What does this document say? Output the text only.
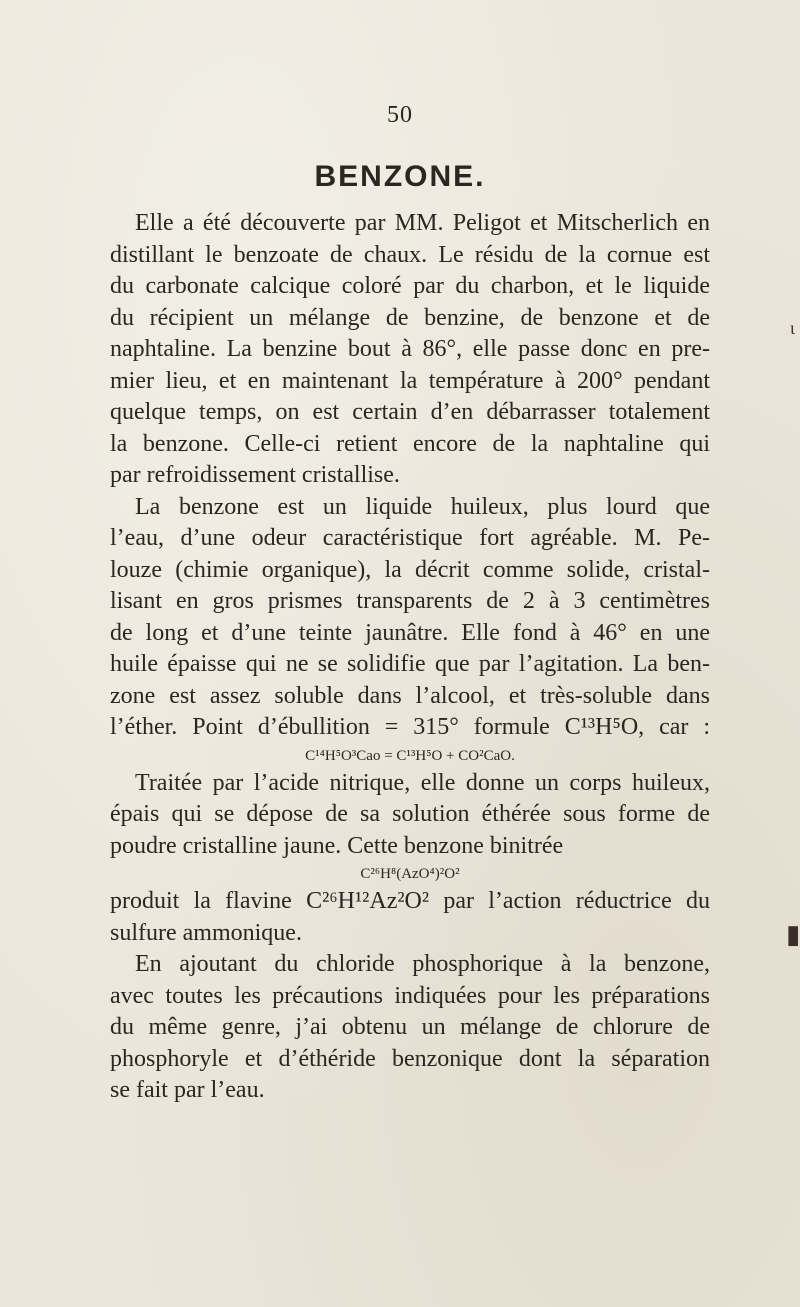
50
BENZONE.
Elle a été découverte par MM. Peligot et Mitscherlich en
distillant le benzoate de chaux. Le résidu de la cornue est
du carbonate calcique coloré par du charbon, et le liquide
du récipient un mélange de benzine, de benzone et de
naphtaline. La benzine bout à 86°, elle passe donc en pre-
mier lieu, et en maintenant la température à 200° pendant
quelque temps, on est certain d’en débarrasser totalement
la benzone. Celle-ci retient encore de la naphtaline qui
par refroidissement cristallise.
La benzone est un liquide huileux, plus lourd que
l’eau, d’une odeur caractéristique fort agréable. M. Pe-
louze (chimie organique), la décrit comme solide, cristal-
lisant en gros prismes transparents de 2 à 3 centimètres
de long et d’une teinte jaunâtre. Elle fond à 46° en une
huile épaisse qui ne se solidifie que par l’agitation. La ben-
zone est assez soluble dans l’alcool, et très-soluble dans
l’éther. Point d’ébullition = 315° formule C¹³H⁵O, car :
C¹⁴H⁵O³Cao = C¹³H⁵O + CO²CaO.
Traitée par l’acide nitrique, elle donne un corps huileux,
épais qui se dépose de sa solution éthérée sous forme de
poudre cristalline jaune. Cette benzone binitrée
C²⁶H⁸(AzO⁴)²O²
produit la flavine C²⁶H¹²Az²O² par l’action réductrice du
sulfure ammonique.
En ajoutant du chloride phosphorique à la benzone,
avec toutes les précautions indiquées pour les préparations
du même genre, j’ai obtenu un mélange de chlorure de
phosphoryle et d’éthéride benzonique dont la séparation
se fait par l’eau.
ι
▮
